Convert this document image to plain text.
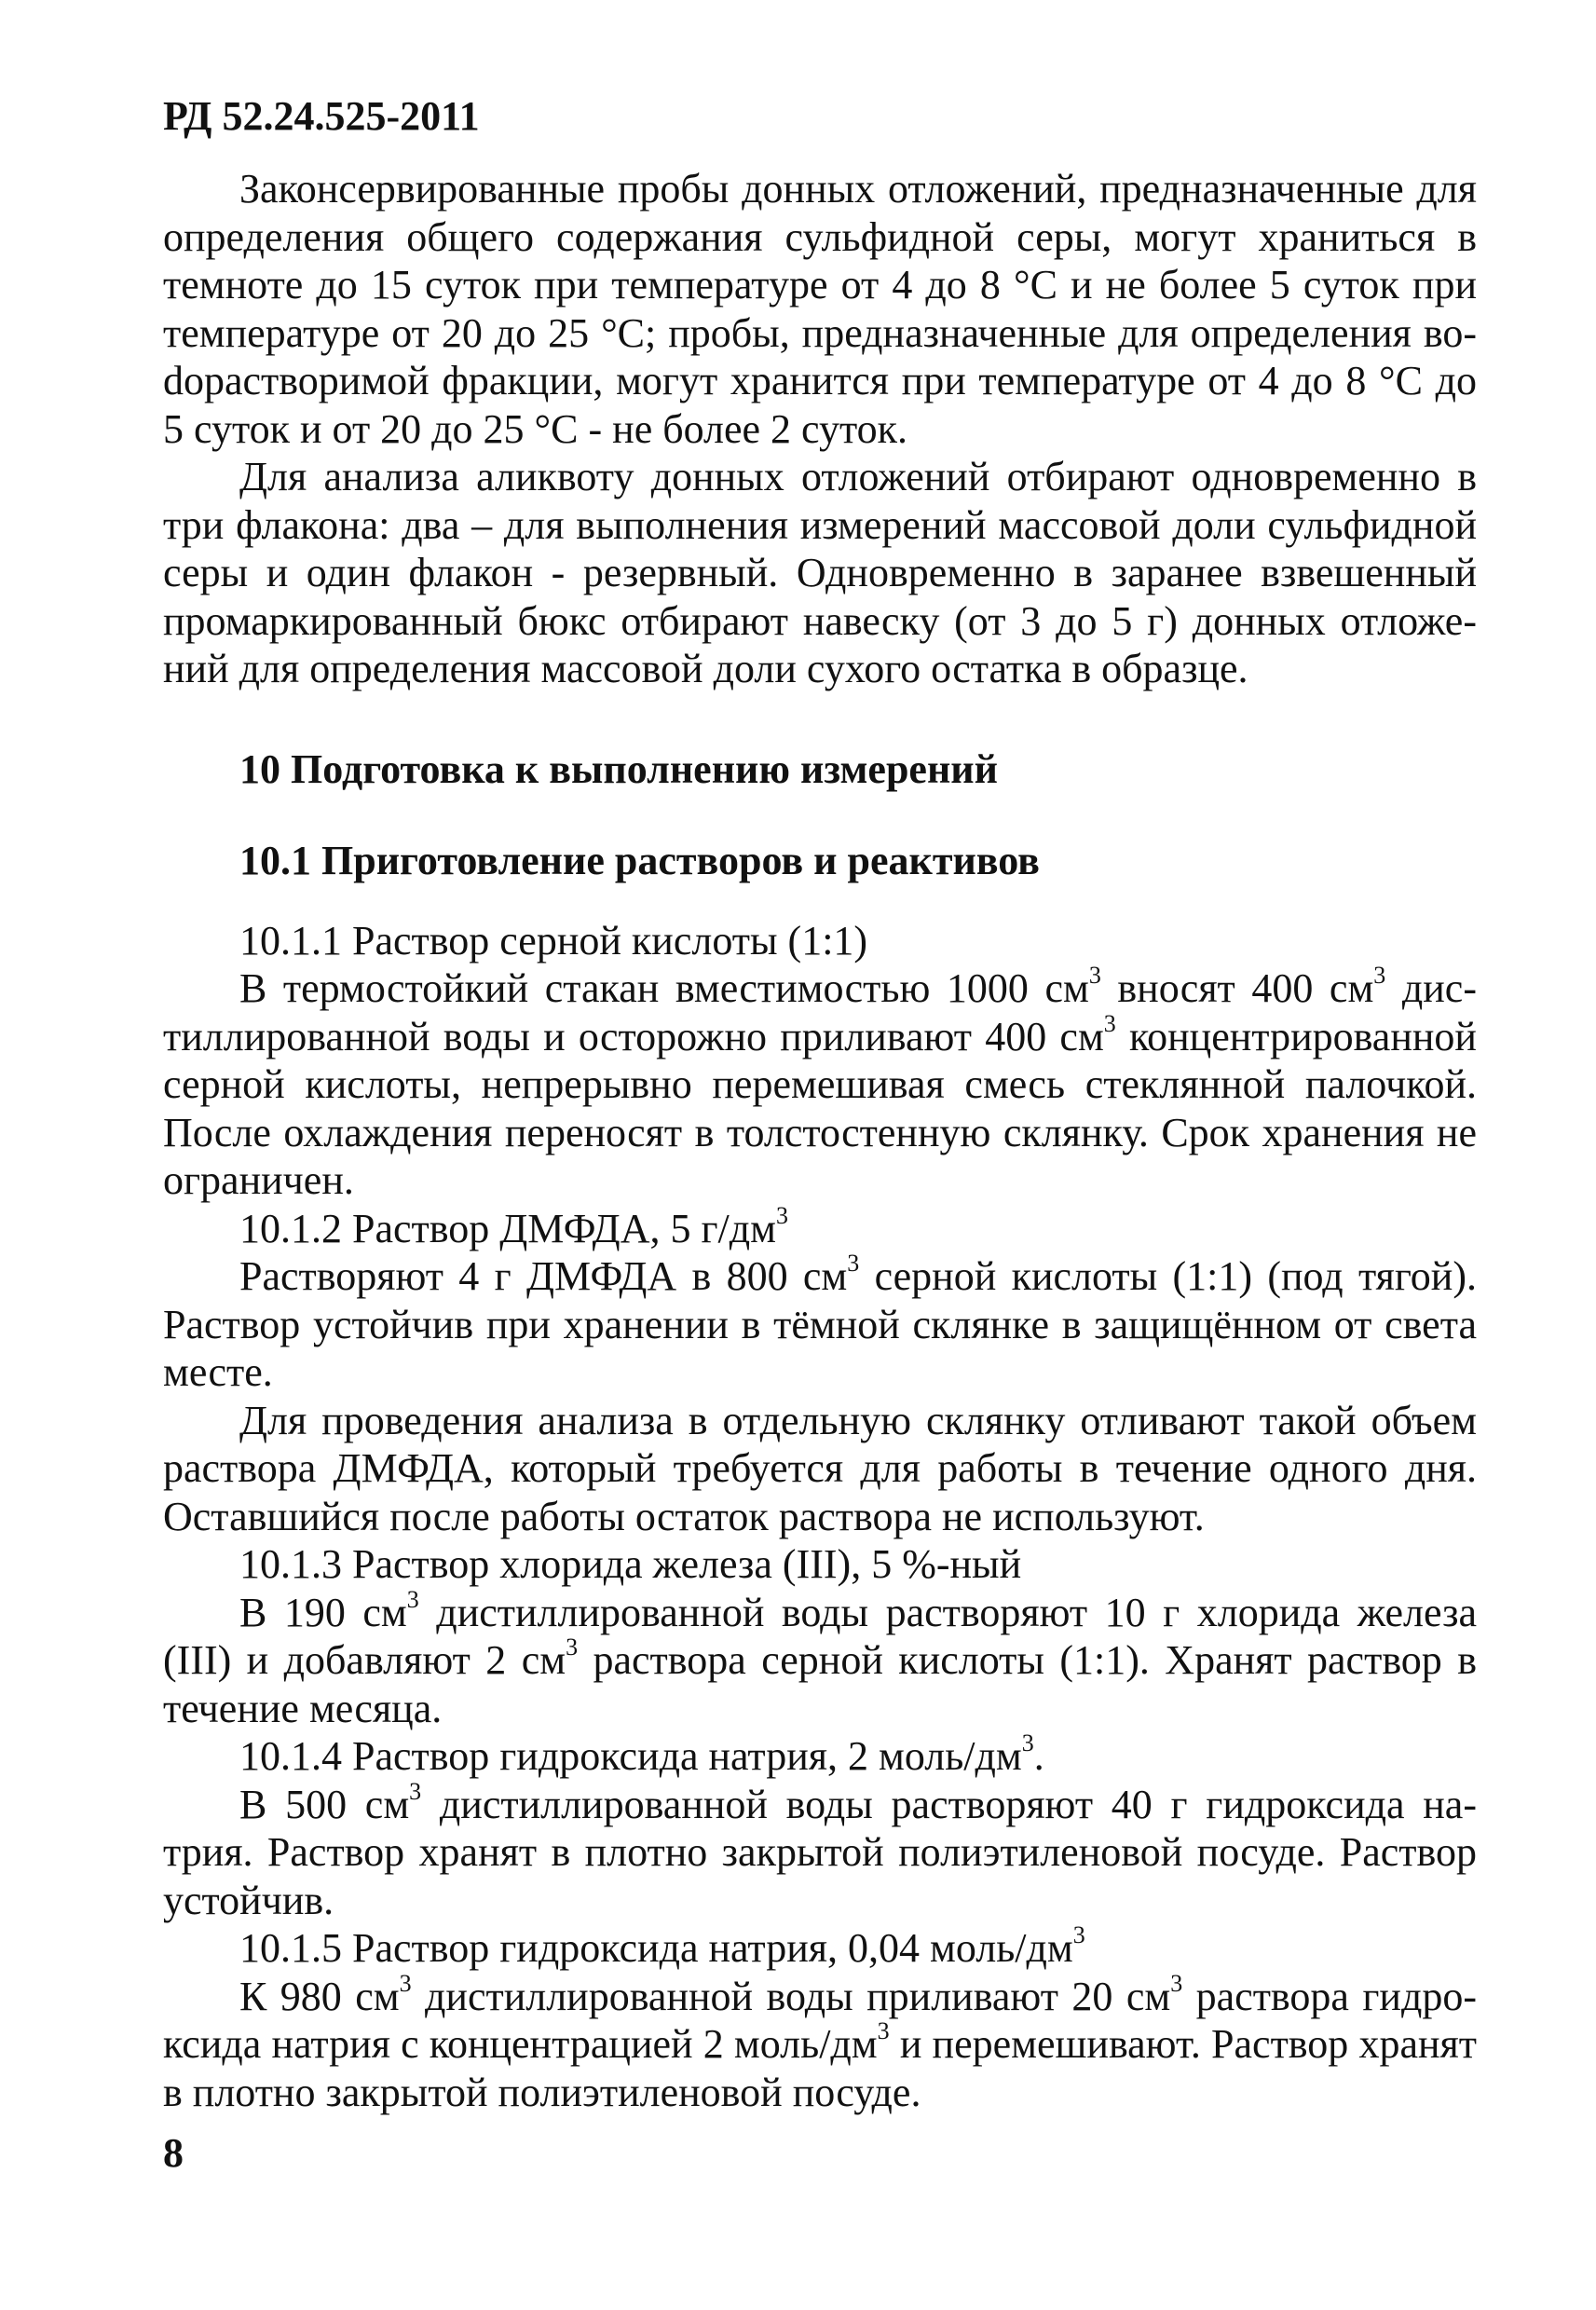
РД 52.24.525-2011

Законсервированные пробы донных отложений, предназначенные для определения общего содержания сульфидной серы, могут храниться в темноте до 15 суток при температуре от 4 до 8 °С и не более 5 суток при температуре от 20 до 25 °С; пробы, предназначенные для определения воdорастворимой фракции, могут хранится при температуре от 4 до 8 °С до 5 суток и от 20 до 25 °С - не более 2 суток.

Для анализа аликвоту донных отложений отбирают одновременно в три флакона: два – для выполнения измерений массовой доли сульфидной серы и один флакон - резервный. Одновременно в заранее взвешенный промаркированный бюкс отбирают навеску (от 3 до 5 г) донных отложений для определения массовой доли сухого остатка в образце.

10 Подготовка к выполнению измерений
10.1 Приготовление растворов и реактивов

10.1.1 Раствор серной кислоты (1:1)

В термостойкий стакан вместимостью 1000 $см^3$ вносят 400 $см^3$ дистиллированной воды и осторожно приливают 400 $см^3$ концентрированной серной кислоты, непрерывно перемешивая смесь стеклянной палочкой. После охлаждения переносят в толстостенную склянку. Срок хранения не ограничен.

10.1.2 Раствор ДМФДА, 5 $г/дм^3$

Растворяют 4 г ДМФДА в 800 $см^3$ серной кислоты (1:1) (под тягой). Раствор устойчив при хранении в тёмной склянке в защищённом от света месте.

Для проведения анализа в отдельную склянку отливают такой объем раствора ДМФДА, который требуется для работы в течение одного дня. Оставшийся после работы остаток раствора не используют.

10.1.3 Раствор хлорида железа (III), 5 %-ный

В 190 $см^3$ дистиллированной воды растворяют 10 г хлорида железа (III) и добавляют 2 $см^3$ раствора серной кислоты (1:1). Хранят раствор в течение месяца.

10.1.4 Раствор гидроксида натрия, 2 моль/$дм^3$.

В 500 $см^3$ дистиллированной воды растворяют 40 г гидроксида натрия. Раствор хранят в плотно закрытой полиэтиленовой посуде. Раствор устойчив.

10.1.5 Раствор гидроксида натрия, 0,04 моль/$дм^3$

К 980 $см^3$ дистиллированной воды приливают 20 $см^3$ раствора гидроксида натрия с концентрацией 2 моль/$дм^3$ и перемешивают. Раствор хранят в плотно закрытой полиэтиленовой посуде.

8
